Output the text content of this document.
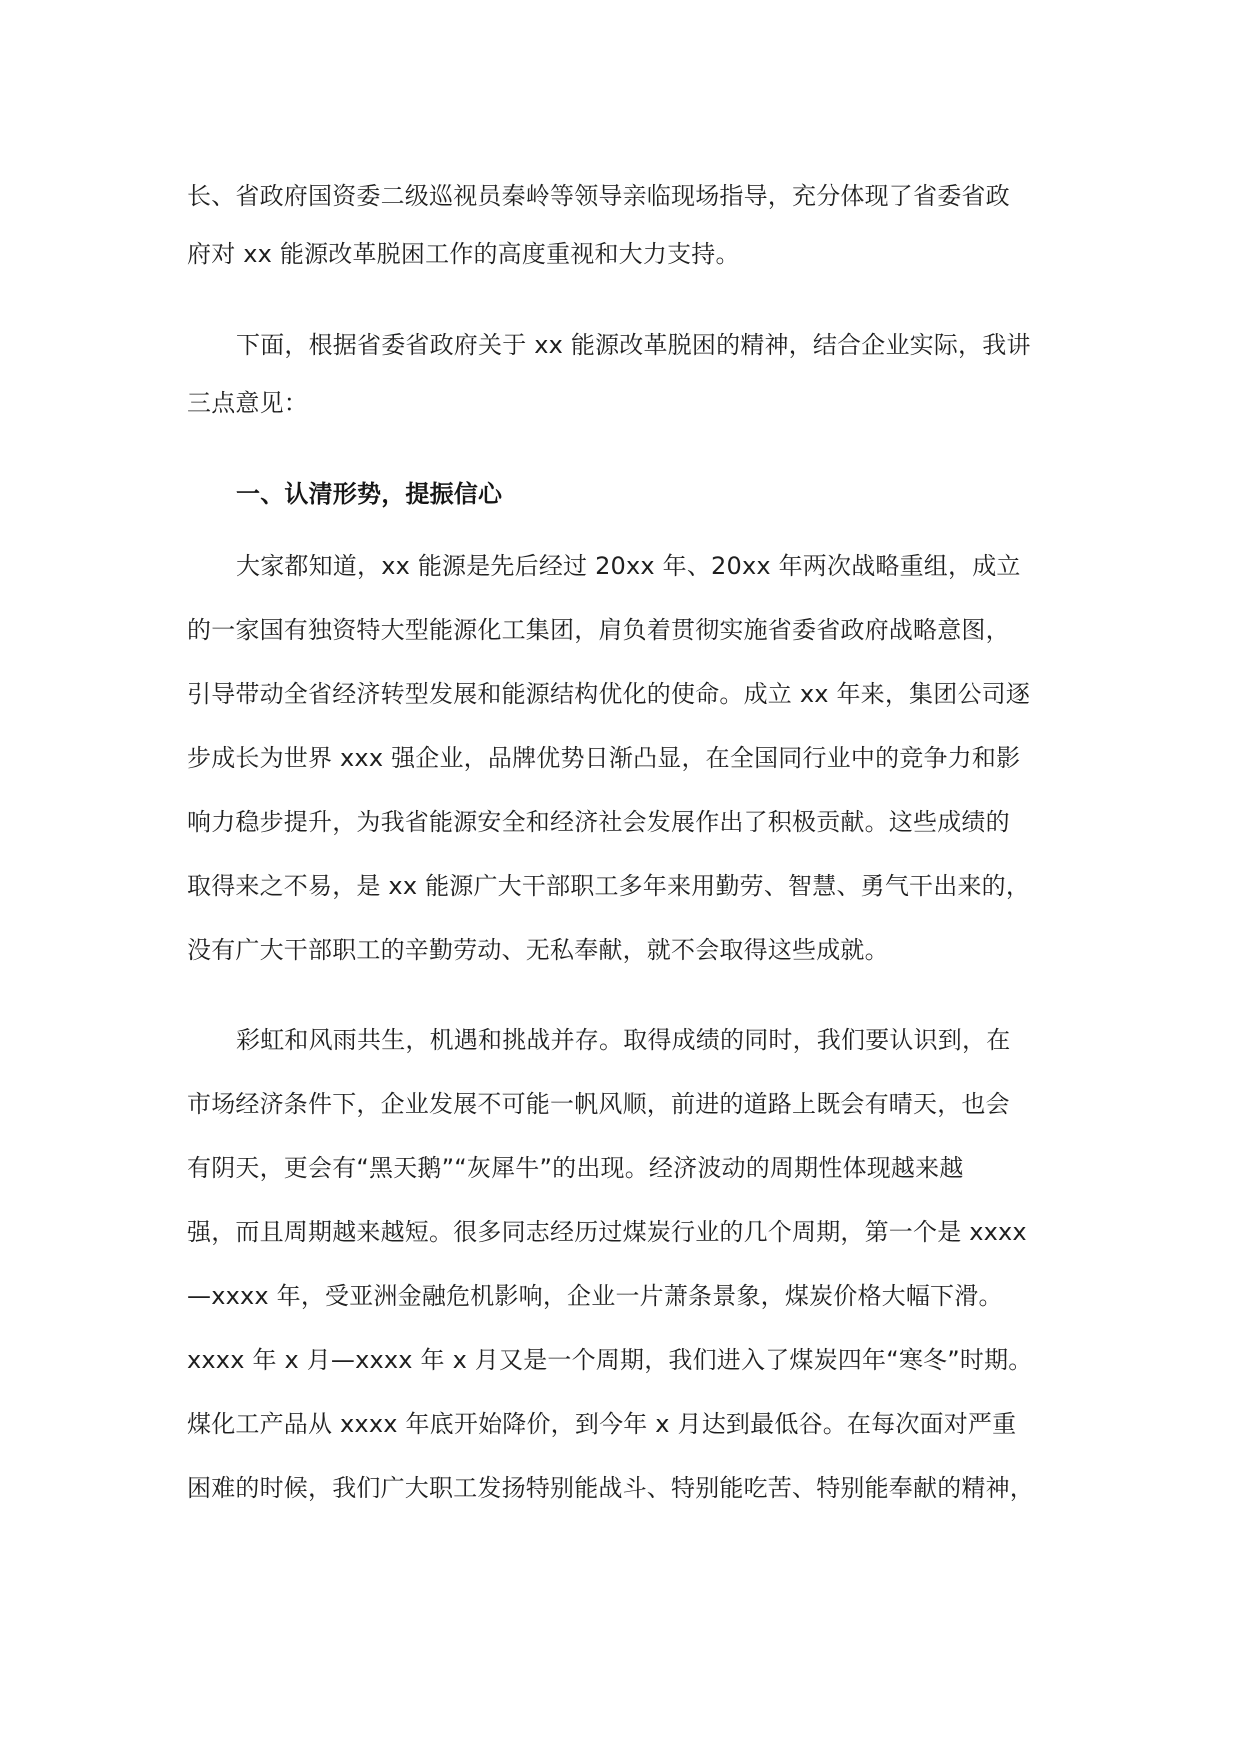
长、省政府国资委二级巡视员秦岭等领导亲临现场指导，充分体现了省委省政
府对 xx 能源改革脱困工作的高度重视和大力支持。
下面，根据省委省政府关于 xx 能源改革脱困的精神，结合企业实际，我讲
三点意见：
一、认清形势，提振信心
大家都知道，xx 能源是先后经过 20xx 年、20xx 年两次战略重组，成立
的一家国有独资特大型能源化工集团，肩负着贯彻实施省委省政府战略意图，
引导带动全省经济转型发展和能源结构优化的使命。成立 xx 年来，集团公司逐
步成长为世界 xxx 强企业，品牌优势日渐凸显，在全国同行业中的竞争力和影
响力稳步提升，为我省能源安全和经济社会发展作出了积极贡献。这些成绩的
取得来之不易，是 xx 能源广大干部职工多年来用勤劳、智慧、勇气干出来的，
没有广大干部职工的辛勤劳动、无私奉献，就不会取得这些成就。
彩虹和风雨共生，机遇和挑战并存。取得成绩的同时，我们要认识到，在
市场经济条件下，企业发展不可能一帆风顺，前进的道路上既会有晴天，也会
有阴天，更会有“黑天鹅”“灰犀牛”的出现。经济波动的周期性体现越来越
强，而且周期越来越短。很多同志经历过煤炭行业的几个周期，第一个是 xxxx
—xxxx 年，受亚洲金融危机影响，企业一片萧条景象，煤炭价格大幅下滑。
xxxx 年 x 月—xxxx 年 x 月又是一个周期，我们进入了煤炭四年“寒冬”时期。
煤化工产品从 xxxx 年底开始降价，到今年 x 月达到最低谷。在每次面对严重
困难的时候，我们广大职工发扬特别能战斗、特别能吃苦、特别能奉献的精神，
